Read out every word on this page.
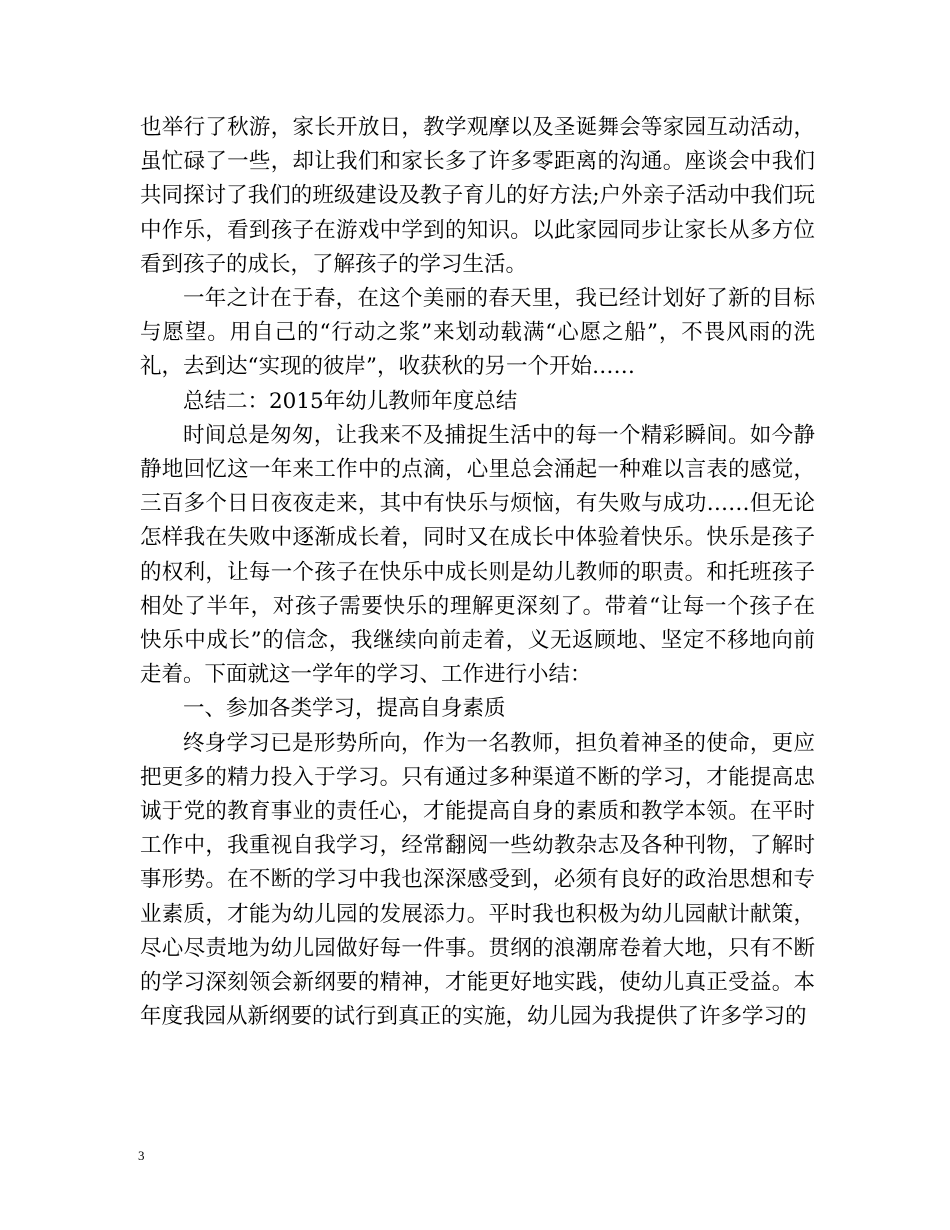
也举行了秋游，家长开放日，教学观摩以及圣诞舞会等家园互动活动，虽忙碌了一些，却让我们和家长多了许多零距离的沟通。座谈会中我们共同探讨了我们的班级建设及教子育儿的好方法;户外亲子活动中我们玩中作乐，看到孩子在游戏中学到的知识。以此家园同步让家长从多方位看到孩子的成长，了解孩子的学习生活。

一年之计在于春，在这个美丽的春天里，我已经计划好了新的目标与愿望。用自己的“行动之浆”来划动载满“心愿之船”，不畏风雨的洗礼，去到达“实现的彼岸”，收获秋的另一个开始……

总结二：2015年幼儿教师年度总结

时间总是匆匆，让我来不及捕捉生活中的每一个精彩瞬间。如今静静地回忆这一年来工作中的点滴，心里总会涌起一种难以言表的感觉，三百多个日日夜夜走来，其中有快乐与烦恼，有失败与成功……但无论怎样我在失败中逐渐成长着，同时又在成长中体验着快乐。快乐是孩子的权利，让每一个孩子在快乐中成长则是幼儿教师的职责。和托班孩子相处了半年，对孩子需要快乐的理解更深刻了。带着“让每一个孩子在快乐中成长”的信念，我继续向前走着，义无返顾地、坚定不移地向前走着。下面就这一学年的学习、工作进行小结：

一、参加各类学习，提高自身素质

终身学习已是形势所向，作为一名教师，担负着神圣的使命，更应把更多的精力投入于学习。只有通过多种渠道不断的学习，才能提高忠诚于党的教育事业的责任心，才能提高自身的素质和教学本领。在平时工作中，我重视自我学习，经常翻阅一些幼教杂志及各种刊物，了解时事形势。在不断的学习中我也深深感受到，必须有良好的政治思想和专业素质，才能为幼儿园的发展添力。平时我也积极为幼儿园献计献策，尽心尽责地为幼儿园做好每一件事。贯纲的浪潮席卷着大地，只有不断的学习深刻领会新纲要的精神，才能更好地实践，使幼儿真正受益。本年度我园从新纲要的试行到真正的实施，幼儿园为我提供了许多学习的

3
